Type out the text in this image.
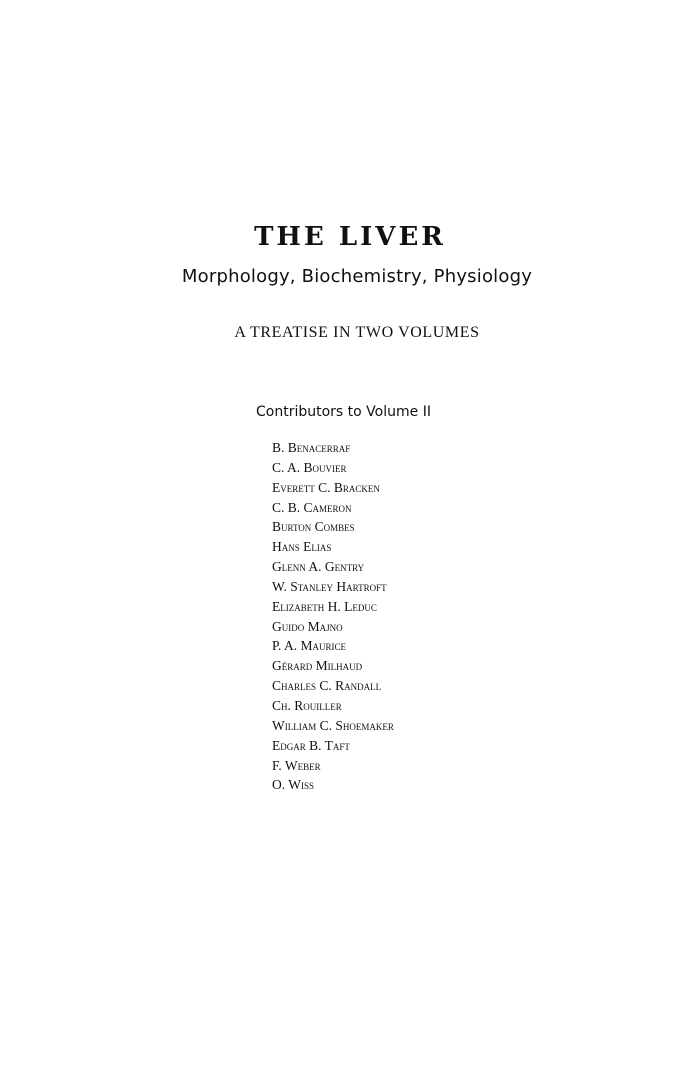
THE LIVER
Morphology, Biochemistry, Physiology
A TREATISE IN TWO VOLUMES
Contributors to Volume II
B. Benacerraf
C. A. Bouvier
Everett C. Bracken
C. B. Cameron
Burton Combes
Hans Elias
Glenn A. Gentry
W. Stanley Hartroft
Elizabeth H. Leduc
Guido Majno
P. A. Maurice
Gérard Milhaud
Charles C. Randall
Ch. Rouiller
William C. Shoemaker
Edgar B. Taft
F. Weber
O. Wiss
